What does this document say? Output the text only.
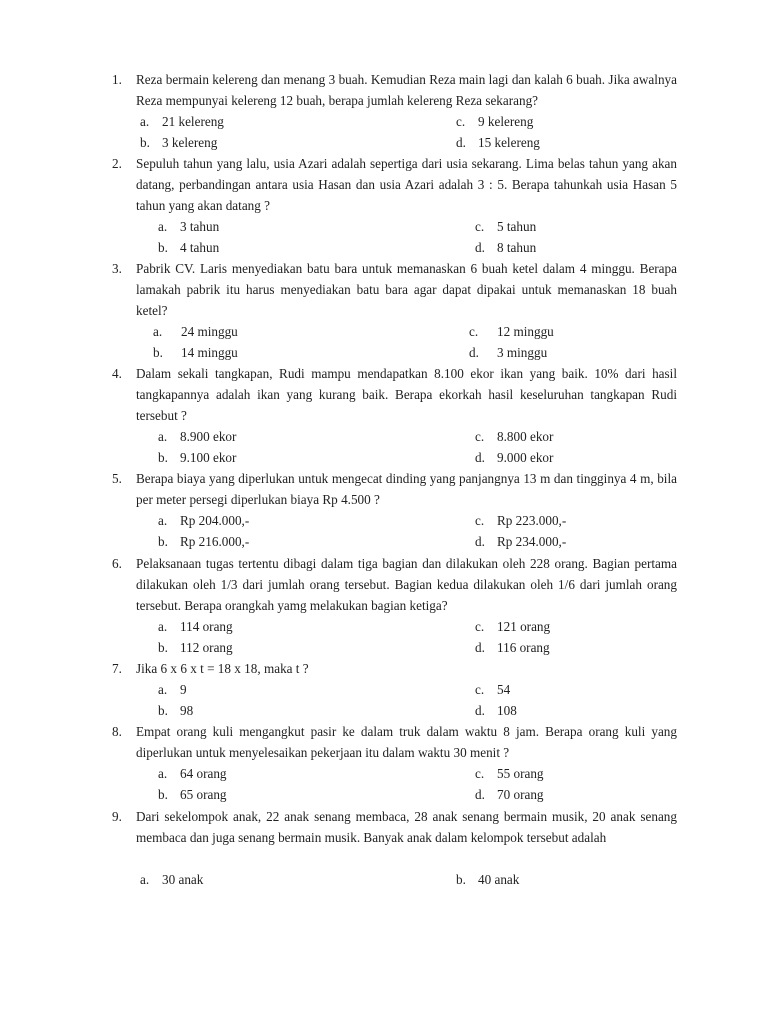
1. Reza bermain kelereng dan menang 3 buah. Kemudian Reza main lagi dan kalah 6 buah. Jika awalnya Reza mempunyai kelereng 12 buah, berapa jumlah kelereng Reza sekarang?

a. 21 kelereng	c. 9 kelereng
b. 3 kelereng	d. 15 kelereng
2. Sepuluh tahun yang lalu, usia Azari adalah sepertiga dari usia sekarang. Lima belas tahun yang akan datang, perbandingan antara usia Hasan dan usia Azari adalah 3 : 5. Berapa tahunkah usia Hasan 5 tahun yang akan datang ?

a. 3 tahun	c. 5 tahun
b. 4 tahun	d. 8 tahun
3. Pabrik CV. Laris menyediakan batu bara untuk memanaskan 6 buah ketel dalam 4 minggu. Berapa lamakah pabrik itu harus menyediakan batu bara agar dapat dipakai untuk memanaskan 18 buah ketel?

a. 24 minggu	c. 12 minggu
b. 14 minggu	d. 3 minggu
4. Dalam sekali tangkapan, Rudi mampu mendapatkan 8.100 ekor ikan yang baik. 10% dari hasil tangkapannya adalah ikan yang kurang baik. Berapa ekorkah hasil keseluruhan tangkapan Rudi tersebut ?

a. 8.900 ekor	c. 8.800 ekor
b. 9.100 ekor	d. 9.000 ekor
5. Berapa biaya yang diperlukan untuk mengecat dinding yang panjangnya 13 m dan tingginya 4 m, bila per meter persegi diperlukan biaya Rp 4.500 ?

a. Rp 204.000,-	c. Rp 223.000,-
b. Rp 216.000,-	d. Rp 234.000,-
6. Pelaksanaan tugas tertentu dibagi dalam tiga bagian dan dilakukan oleh 228 orang. Bagian pertama dilakukan oleh 1/3 dari jumlah orang tersebut. Bagian kedua dilakukan oleh 1/6 dari jumlah orang tersebut. Berapa orangkah yamg melakukan bagian ketiga?

a. 114 orang	c. 121 orang
b. 112 orang	d. 116 orang
7. Jika 6 x 6 x t = 18 x 18, maka t ?

a. 9	c. 54
b. 98	d. 108
8. Empat orang kuli mengangkut pasir ke dalam truk dalam waktu 8 jam. Berapa orang kuli yang diperlukan untuk menyelesaikan pekerjaan itu dalam waktu 30 menit ?

a. 64 orang	c. 55 orang
b. 65 orang	d. 70 orang
9. Dari sekelompok anak, 22 anak senang membaca, 28 anak senang bermain musik, 20 anak senang membaca dan juga senang bermain musik. Banyak anak dalam kelompok tersebut adalah

a. 30 anak	b. 40 anak
